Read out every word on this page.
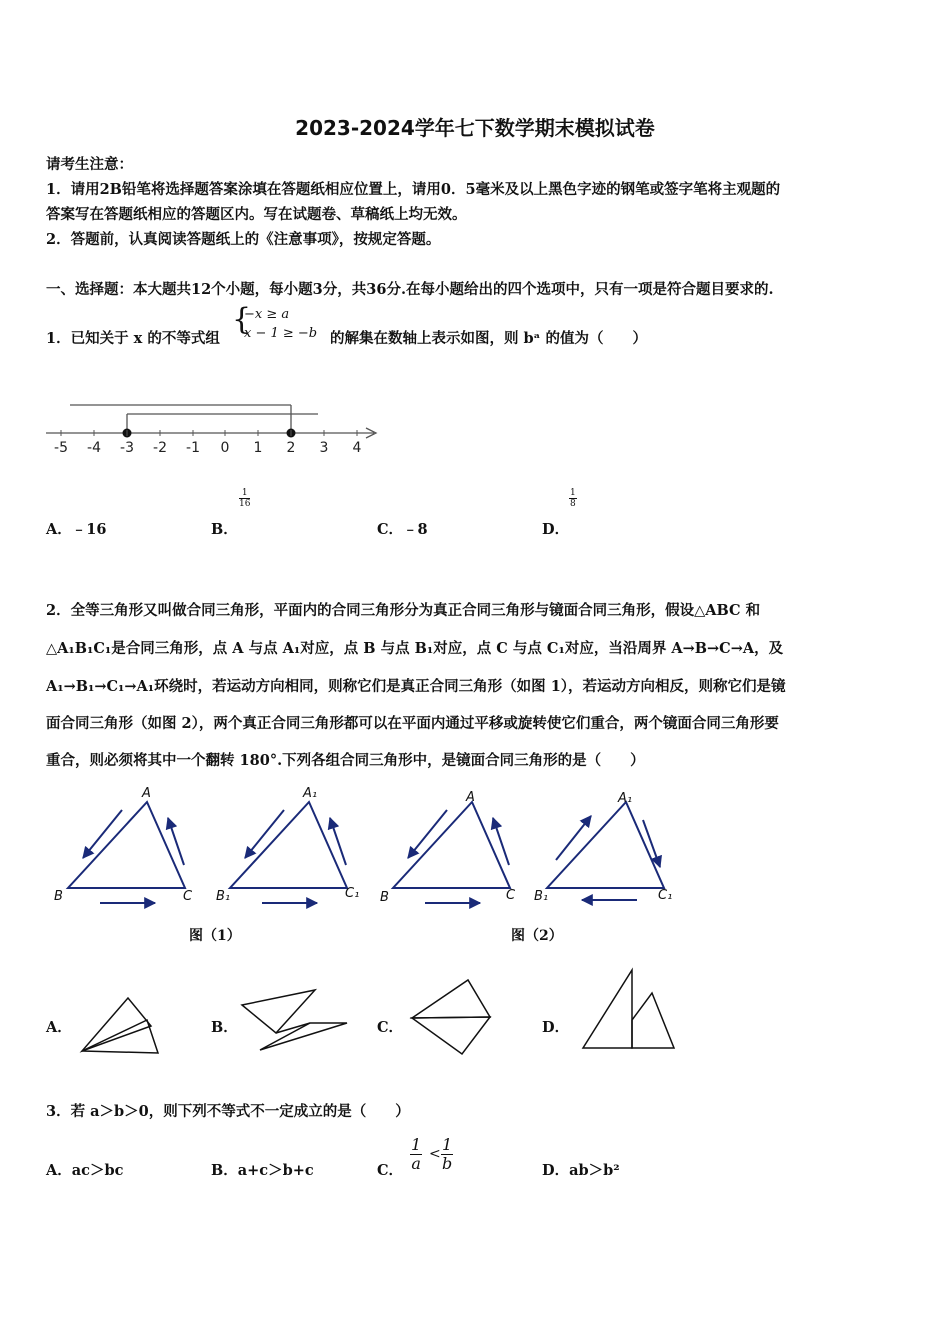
2023-2024学年七下数学期末模拟试卷
请考生注意：
1．请用2B铅笔将选择题答案涂填在答题纸相应位置上，请用0．5毫米及以上黑色字迹的钢笔或签字笔将主观题的
答案写在答题纸相应的答题区内。写在试题卷、草稿纸上均无效。
2．答题前，认真阅读答题纸上的《注意事项》，按规定答题。
一、选择题：本大题共12个小题，每小题3分，共36分.在每小题给出的四个选项中，只有一项是符合题目要求的.
1．已知关于 x 的不等式组
{
−x ≥ a
x − 1 ≥ −b 的解集在数轴上表示如图，则 bᵃ 的值为（　　）
-5 -4 -3 -2 -1 0 1 2 3 4
A．﹣16	B．
$\frac{1}{16}$
C．﹣8	D．
$\frac{1}{8}$
2．全等三角形又叫做合同三角形，平面内的合同三角形分为真正合同三角形与镜面合同三角形，假设△ABC 和
△A₁B₁C₁是合同三角形，点 A 与点 A₁对应，点 B 与点 B₁对应，点 C 与点 C₁对应，当沿周界 A→B→C→A，及
A₁→B₁→C₁→A₁环绕时，若运动方向相同，则称它们是真正合同三角形（如图 1），若运动方向相反，则称它们是镜
面合同三角形（如图 2），两个真正合同三角形都可以在平面内通过平移或旋转使它们重合，两个镜面合同三角形要
重合，则必须将其中一个翻转 180°.下列各组合同三角形中，是镜面合同三角形的是（　　）
A
B	C
A₁
B₁	C₁
A
B	C
A₁
B₁	C₁
图（1）	图（2）
A．	B．	C．	D．
3．若 a＞b＞0，则下列不等式不一定成立的是（　　）
A．ac＞bc	B．a+c＞b+c	C． $\frac{1}{a} < \frac{1}{b}$	D．ab＞b²
